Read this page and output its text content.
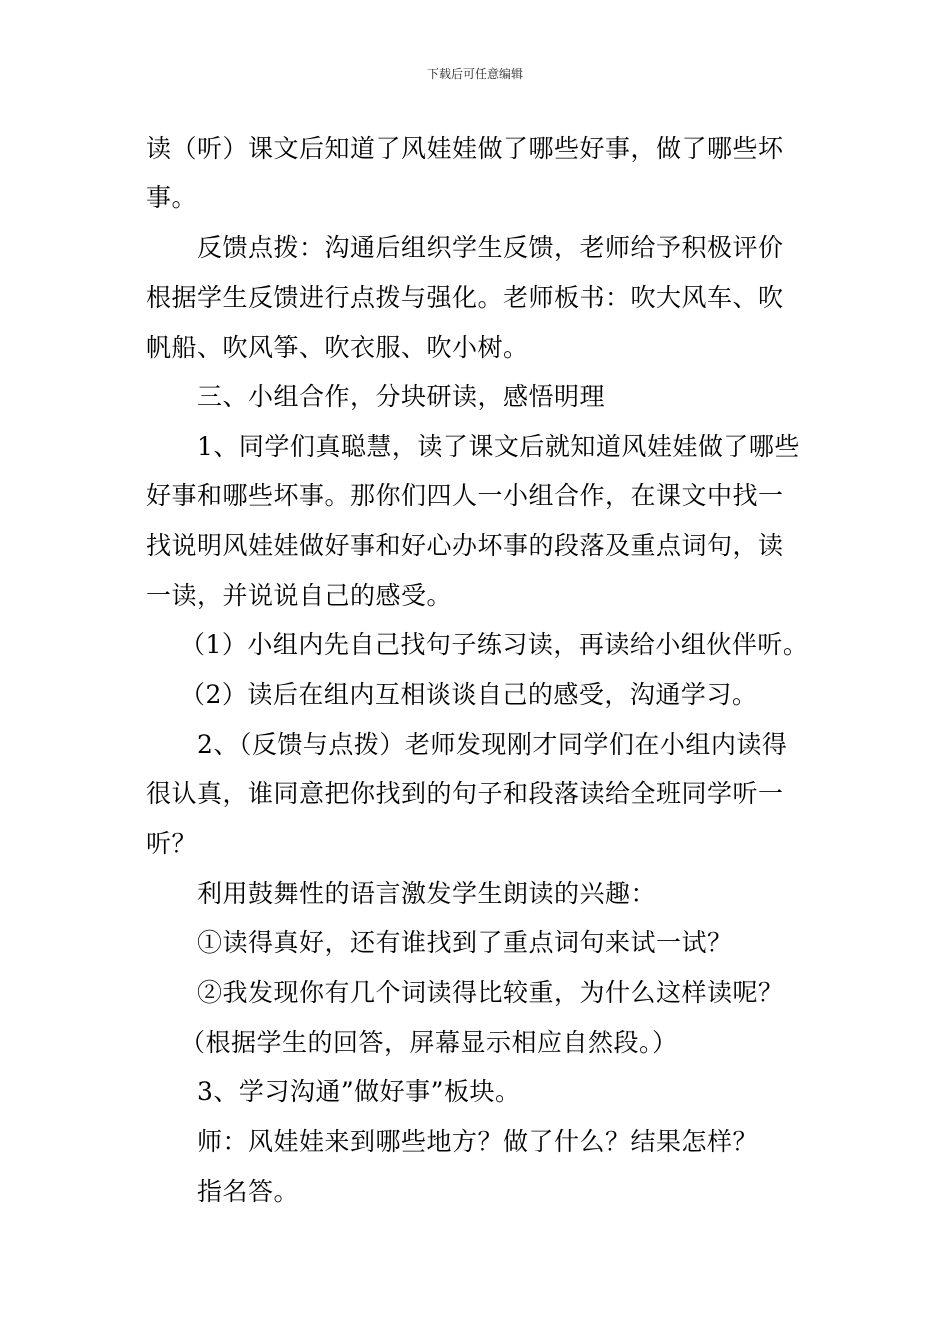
下载后可任意编辑
读（听）课文后知道了风娃娃做了哪些好事，做了哪些坏
事。
　　反馈点拨：沟通后组织学生反馈，老师给予积极评价
根据学生反馈进行点拨与强化。老师板书：吹大风车、吹
帆船、吹风筝、吹衣服、吹小树。
　　三、小组合作，分块研读，感悟明理
　　1、同学们真聪慧，读了课文后就知道风娃娃做了哪些
好事和哪些坏事。那你们四人一小组合作，在课文中找一
找说明风娃娃做好事和好心办坏事的段落及重点词句，读
一读，并说说自己的感受。
　 （1）小组内先自己找句子练习读，再读给小组伙伴听。
　 （2）读后在组内互相谈谈自己的感受，沟通学习。
　　2、（反馈与点拨）老师发现刚才同学们在小组内读得
很认真，谁同意把你找到的句子和段落读给全班同学听一
听？
　　利用鼓舞性的语言激发学生朗读的兴趣：
　　①读得真好，还有谁找到了重点词句来试一试？
　　②我发现你有几个词读得比较重，为什么这样读呢？
　 （根据学生的回答，屏幕显示相应自然段。）
　　3、学习沟通”做好事”板块。
　　师：风娃娃来到哪些地方？做了什么？结果怎样？
　　指名答。
